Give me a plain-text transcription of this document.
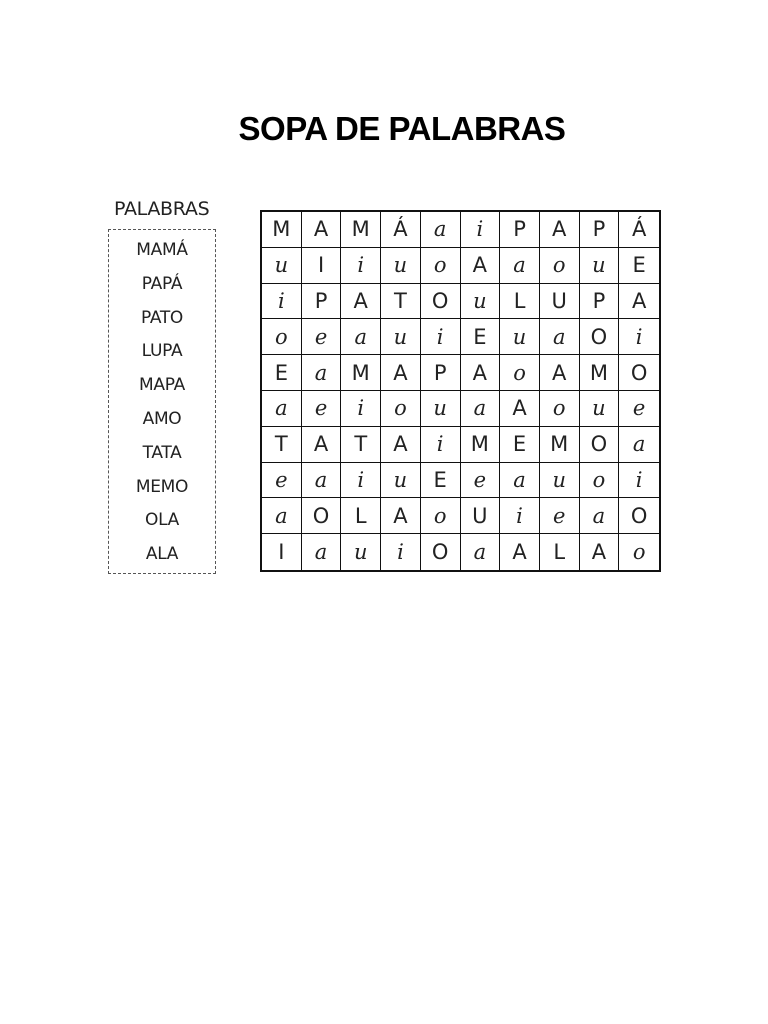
SOPA DE PALABRAS
PALABRAS
MAMÁ
PAPÁ
PATO
LUPA
MAPA
AMO
TATA
MEMO
OLA
ALA
M	A	M	Á	a	i	P	A	P	Á
u	I	i	u	o	A	a	o	u	E
i	P	A	T	O	u	L	U	P	A
o	e	a	u	i	E	u	a	O	i
E	a	M	A	P	A	o	A	M	O
a	e	i	o	u	a	A	o	u	e
T	A	T	A	i	M	E	M	O	a
e	a	i	u	E	e	a	u	o	i
a	O	L	A	o	U	i	e	a	O
I	a	u	i	O	a	A	L	A	o
